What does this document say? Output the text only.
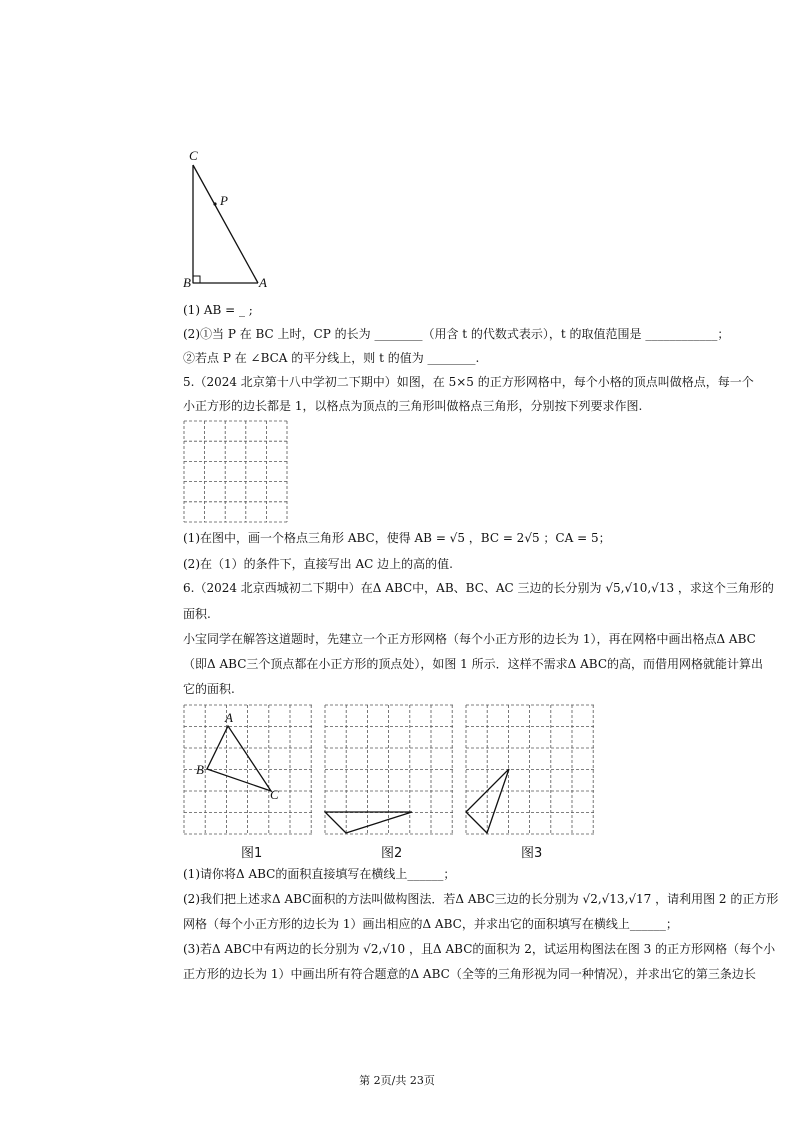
C
P
B	A
(1) AB = _ ;
(2)①当 P 在 BC 上时，CP 的长为 ________（用含 t 的代数式表示），t 的取值范围是 ____________；
②若点 P 在 ∠BCA 的平分线上，则 t 的值为 ________.
5.（2024 北京第十八中学初二下期中）如图，在 5×5 的正方形网格中，每个小格的顶点叫做格点，每一个
小正方形的边长都是 1，以格点为顶点的三角形叫做格点三角形，分别按下列要求作图.
(1)在图中，画一个格点三角形 ABC，使得 AB = √5 ，BC = 2√5 ；CA = 5；
(2)在（1）的条件下，直接写出 AC 边上的高的值.
6.（2024 北京西城初二下期中）在Δ ABC中，AB、BC、AC 三边的长分别为 √5,√10,√13 ，求这个三角形的
面积.
小宝同学在解答这道题时，先建立一个正方形网格（每个小正方形的边长为 1），再在网格中画出格点Δ ABC
（即Δ ABC三个顶点都在小正方形的顶点处），如图 1 所示．这样不需求Δ ABC的高，而借用网格就能计算出
它的面积.
A
B
C
图1	图2	图3
(1)请你将Δ ABC的面积直接填写在横线上______；
(2)我们把上述求Δ ABC面积的方法叫做构图法．若Δ ABC三边的长分别为 √2,√13,√17 ，请利用图 2 的正方形
网格（每个小正方形的边长为 1）画出相应的Δ ABC，并求出它的面积填写在横线上______；
(3)若Δ ABC中有两边的长分别为 √2,√10 ，且Δ ABC的面积为 2，试运用构图法在图 3 的正方形网格（每个小
正方形的边长为 1）中画出所有符合题意的Δ ABC（全等的三角形视为同一种情况），并求出它的第三条边长
第 2页/共 23页
